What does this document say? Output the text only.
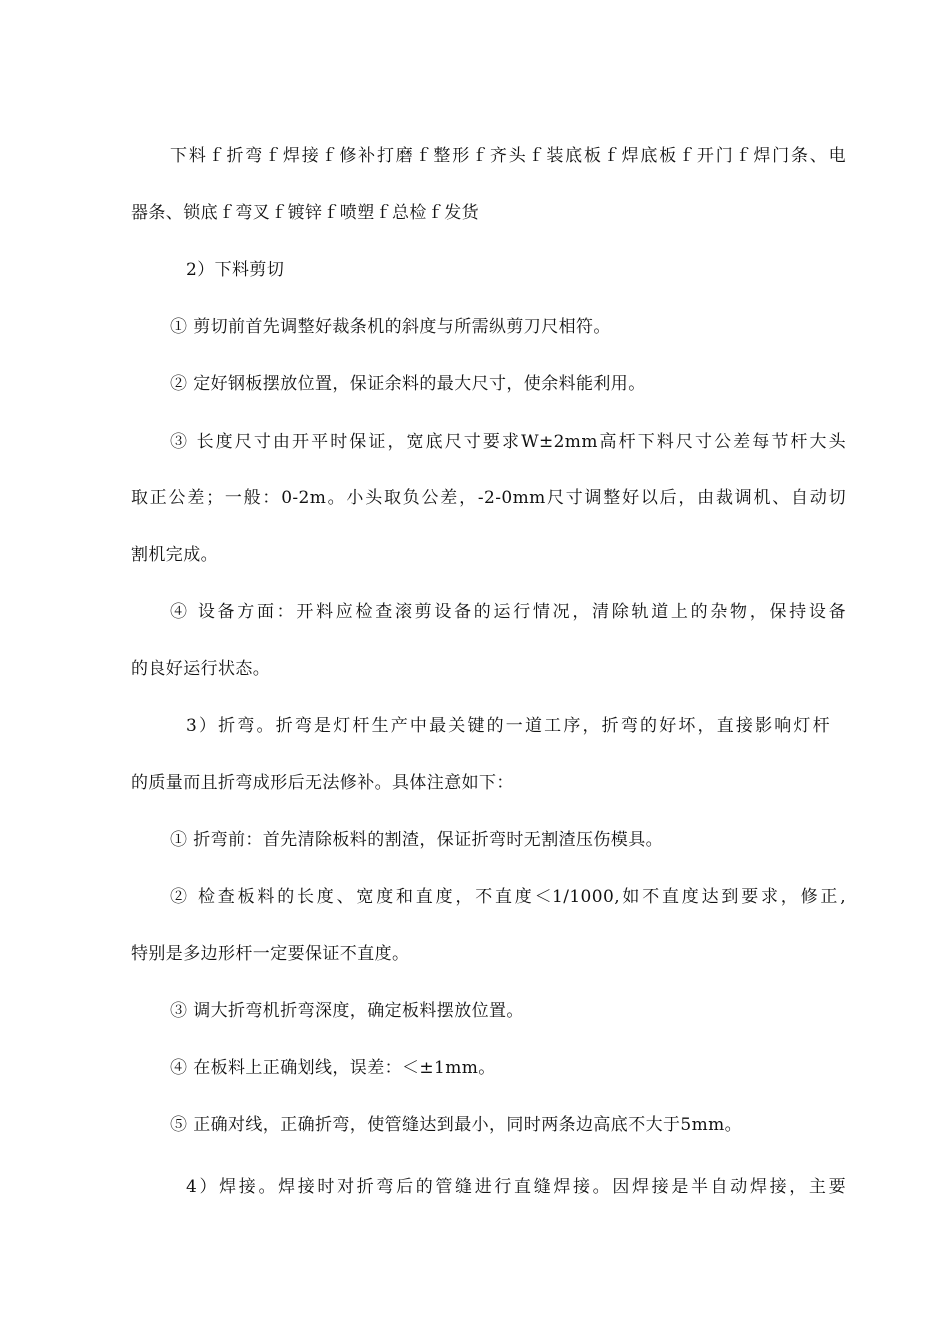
下料ｆ折弯ｆ焊接ｆ修补打磨ｆ整形ｆ齐头ｆ装底板ｆ焊底板ｆ开门ｆ焊门条、电
器条、锁底ｆ弯叉ｆ镀锌ｆ喷塑ｆ总检ｆ发货
2）下料剪切
① 剪切前首先调整好裁条机的斜度与所需纵剪刀尺相符。
② 定好钢板摆放位置，保证余料的最大尺寸，使余料能利用。
③ 长度尺寸由开平时保证，宽底尺寸要求W±2mm高杆下料尺寸公差每节杆大头
取正公差；一般：0-2m。小头取负公差，-2-0mm尺寸调整好以后，由裁调机、自动切
割机完成。
④ 设备方面：开料应检查滚剪设备的运行情况，清除轨道上的杂物，保持设备
的良好运行状态。
3）折弯。折弯是灯杆生产中最关键的一道工序，折弯的好坏，直接影响灯杆
的质量而且折弯成形后无法修补。具体注意如下：
① 折弯前：首先清除板料的割渣，保证折弯时无割渣压伤模具。
② 检查板料的长度、宽度和直度，不直度＜1/1000,如不直度达到要求，修正,
特别是多边形杆一定要保证不直度。
③ 调大折弯机折弯深度，确定板料摆放位置。
④ 在板料上正确划线，误差：＜±1mm。
⑤ 正确对线，正确折弯，使管缝达到最小，同时两条边高底不大于5mm。
4）焊接。焊接时对折弯后的管缝进行直缝焊接。因焊接是半自动焊接，主要
